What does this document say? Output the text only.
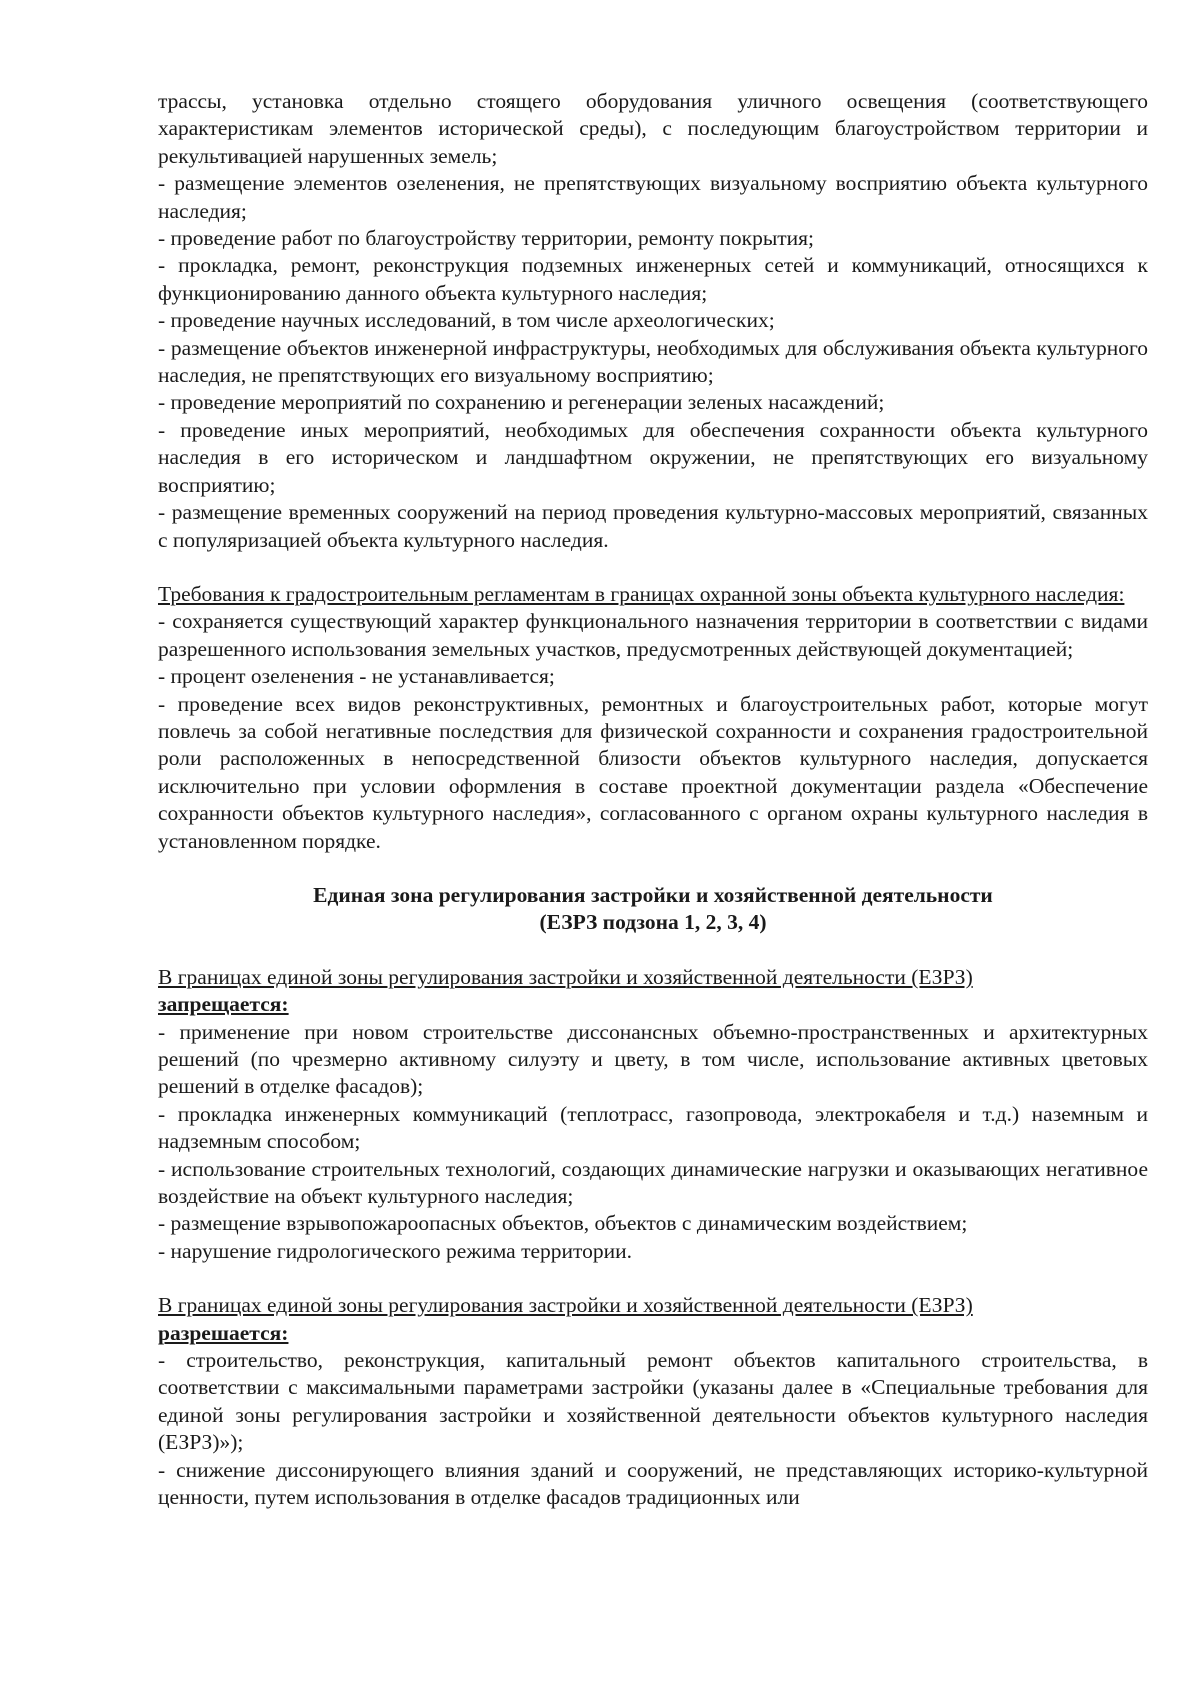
трассы, установка отдельно стоящего оборудования уличного освещения (соответствующего характеристикам элементов исторической среды), с последующим благоустройством территории и рекультивацией нарушенных земель;

- размещение элементов озеленения, не препятствующих визуальному восприятию объекта культурного наследия;

- проведение работ по благоустройству территории, ремонту покрытия;

- прокладка, ремонт, реконструкция подземных инженерных сетей и коммуникаций, относящихся к функционированию данного объекта культурного наследия;

- проведение научных исследований, в том числе археологических;

- размещение объектов инженерной инфраструктуры, необходимых для обслуживания объекта культурного наследия, не препятствующих его визуальному восприятию;

- проведение мероприятий по сохранению и регенерации зеленых насаждений;

- проведение иных мероприятий, необходимых для обеспечения сохранности объекта культурного наследия в его историческом и ландшафтном окружении, не препятствующих его визуальному восприятию;

- размещение временных сооружений на период проведения культурно-массовых мероприятий, связанных с популяризацией объекта культурного наследия.

Требования к градостроительным регламентам в границах охранной зоны объекта культурного наследия:

- сохраняется существующий характер функционального назначения территории в соответствии с видами разрешенного использования земельных участков, предусмотренных действующей документацией;

- процент озеленения - не устанавливается;

- проведение всех видов реконструктивных, ремонтных и благоустроительных работ, которые могут повлечь за собой негативные последствия для физической сохранности и сохранения градостроительной роли расположенных в непосредственной близости объектов культурного наследия, допускается исключительно при условии оформления в составе проектной документации раздела «Обеспечение сохранности объектов культурного наследия», согласованного с органом охраны культурного наследия в установленном порядке.

Единая зона регулирования застройки и хозяйственной деятельности
(ЕЗРЗ подзона 1, 2, 3, 4)

В границах единой зоны регулирования застройки и хозяйственной деятельности (ЕЗРЗ)

запрещается:

- применение при новом строительстве диссонансных объемно-пространственных и архитектурных решений (по чрезмерно активному силуэту и цвету, в том числе, использование активных цветовых решений в отделке фасадов);

- прокладка инженерных коммуникаций (теплотрасс, газопровода, электрокабеля и т.д.) наземным и надземным способом;

- использование строительных технологий, создающих динамические нагрузки и оказывающих негативное воздействие на объект культурного наследия;

- размещение взрывопожароопасных объектов, объектов с динамическим воздействием;

- нарушение гидрологического режима территории.

В границах единой зоны регулирования застройки и хозяйственной деятельности (ЕЗРЗ)

разрешается:

- строительство, реконструкция, капитальный ремонт объектов капитального строительства, в соответствии с максимальными параметрами застройки (указаны далее в «Специальные требования для единой зоны регулирования застройки и хозяйственной деятельности объектов культурного наследия (ЕЗРЗ)»);

- снижение диссонирующего влияния зданий и сооружений, не представляющих историко-культурной ценности, путем использования в отделке фасадов традиционных или
